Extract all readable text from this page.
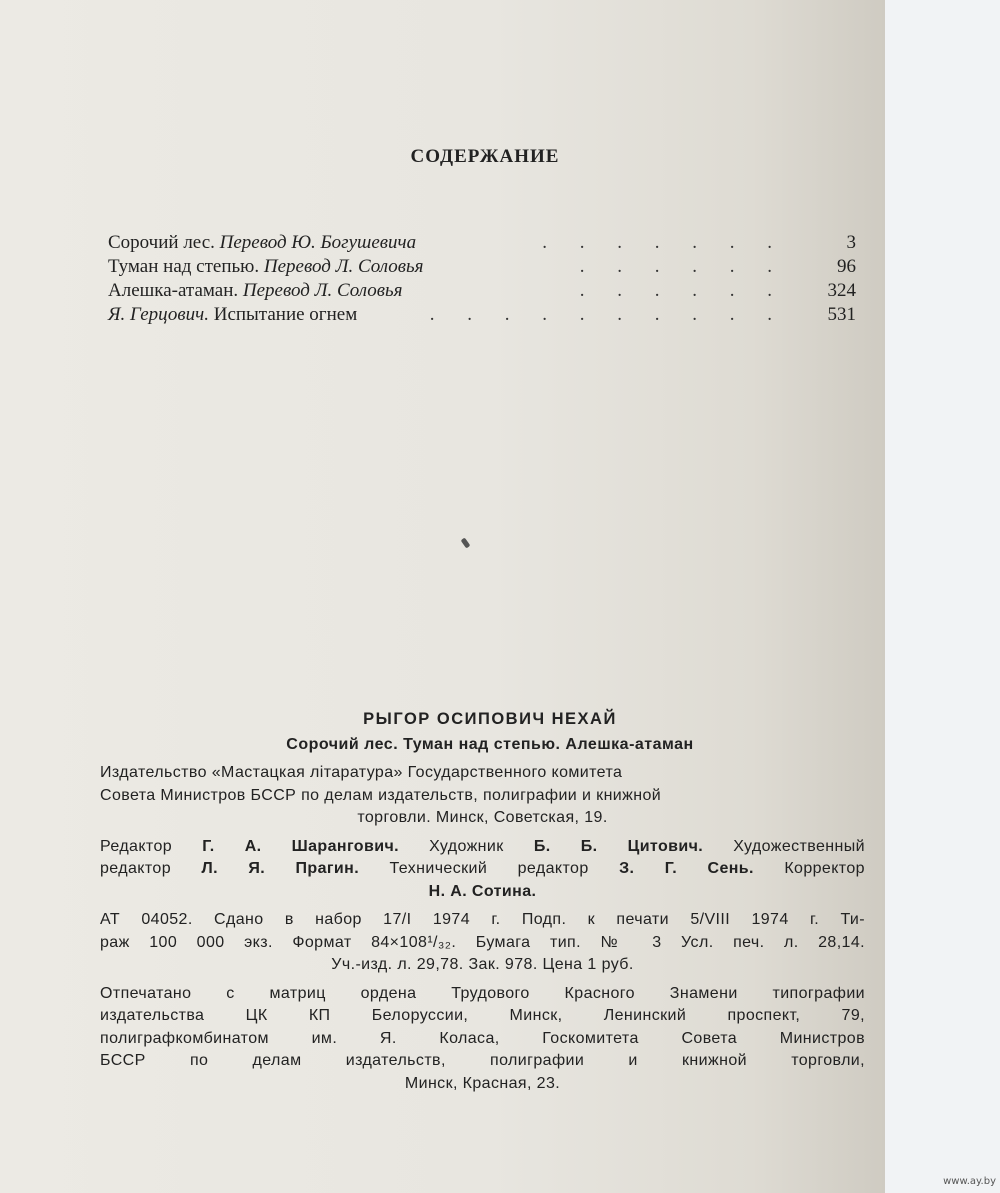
СОДЕРЖАНИЕ
Сорочий лес. Перевод Ю. Богушевича	. . . . . . .	3
Туман над степью. Перевод Л. Соловья	. . . . . .	96
Алешка-атаман. Перевод Л. Соловья	. . . . . . 324
Я. Герцович. Испытание огнем	. . . . . . . . . . 531
РЫГОР ОСИПОВИЧ НЕХАЙ
Сорочий лес. Туман над степью. Алешка-атаман
Издательство «Мастацкая літаратура» Государственного комитета
Совета Министров БССР по делам издательств, полиграфии и книжной
торговли. Минск, Советская, 19.
Редактор Г. А. Шарангович. Художник Б. Б. Цитович. Художественный
редактор Л. Я. Прагин. Технический редактор З. Г. Сень. Корректор
Н. А. Сотина.
АТ 04052. Сдано в набор 17/I 1974 г. Подп. к печати 5/VIII 1974 г. Ти-
раж 100 000 экз. Формат 84×108¹/₃₂. Бумага тип. № 3 Усл. печ. л. 28,14.
Уч.-изд. л. 29,78. Зак. 978. Цена 1 руб.
Отпечатано с матриц ордена Трудового Красного Знамени типографии
издательства ЦК КП Белоруссии, Минск, Ленинский проспект, 79,
полиграфкомбинатом им. Я. Коласа, Госкомитета Совета Министров
БССР по делам издательств, полиграфии и книжной торговли,
Минск, Красная, 23.
www.ay.by
